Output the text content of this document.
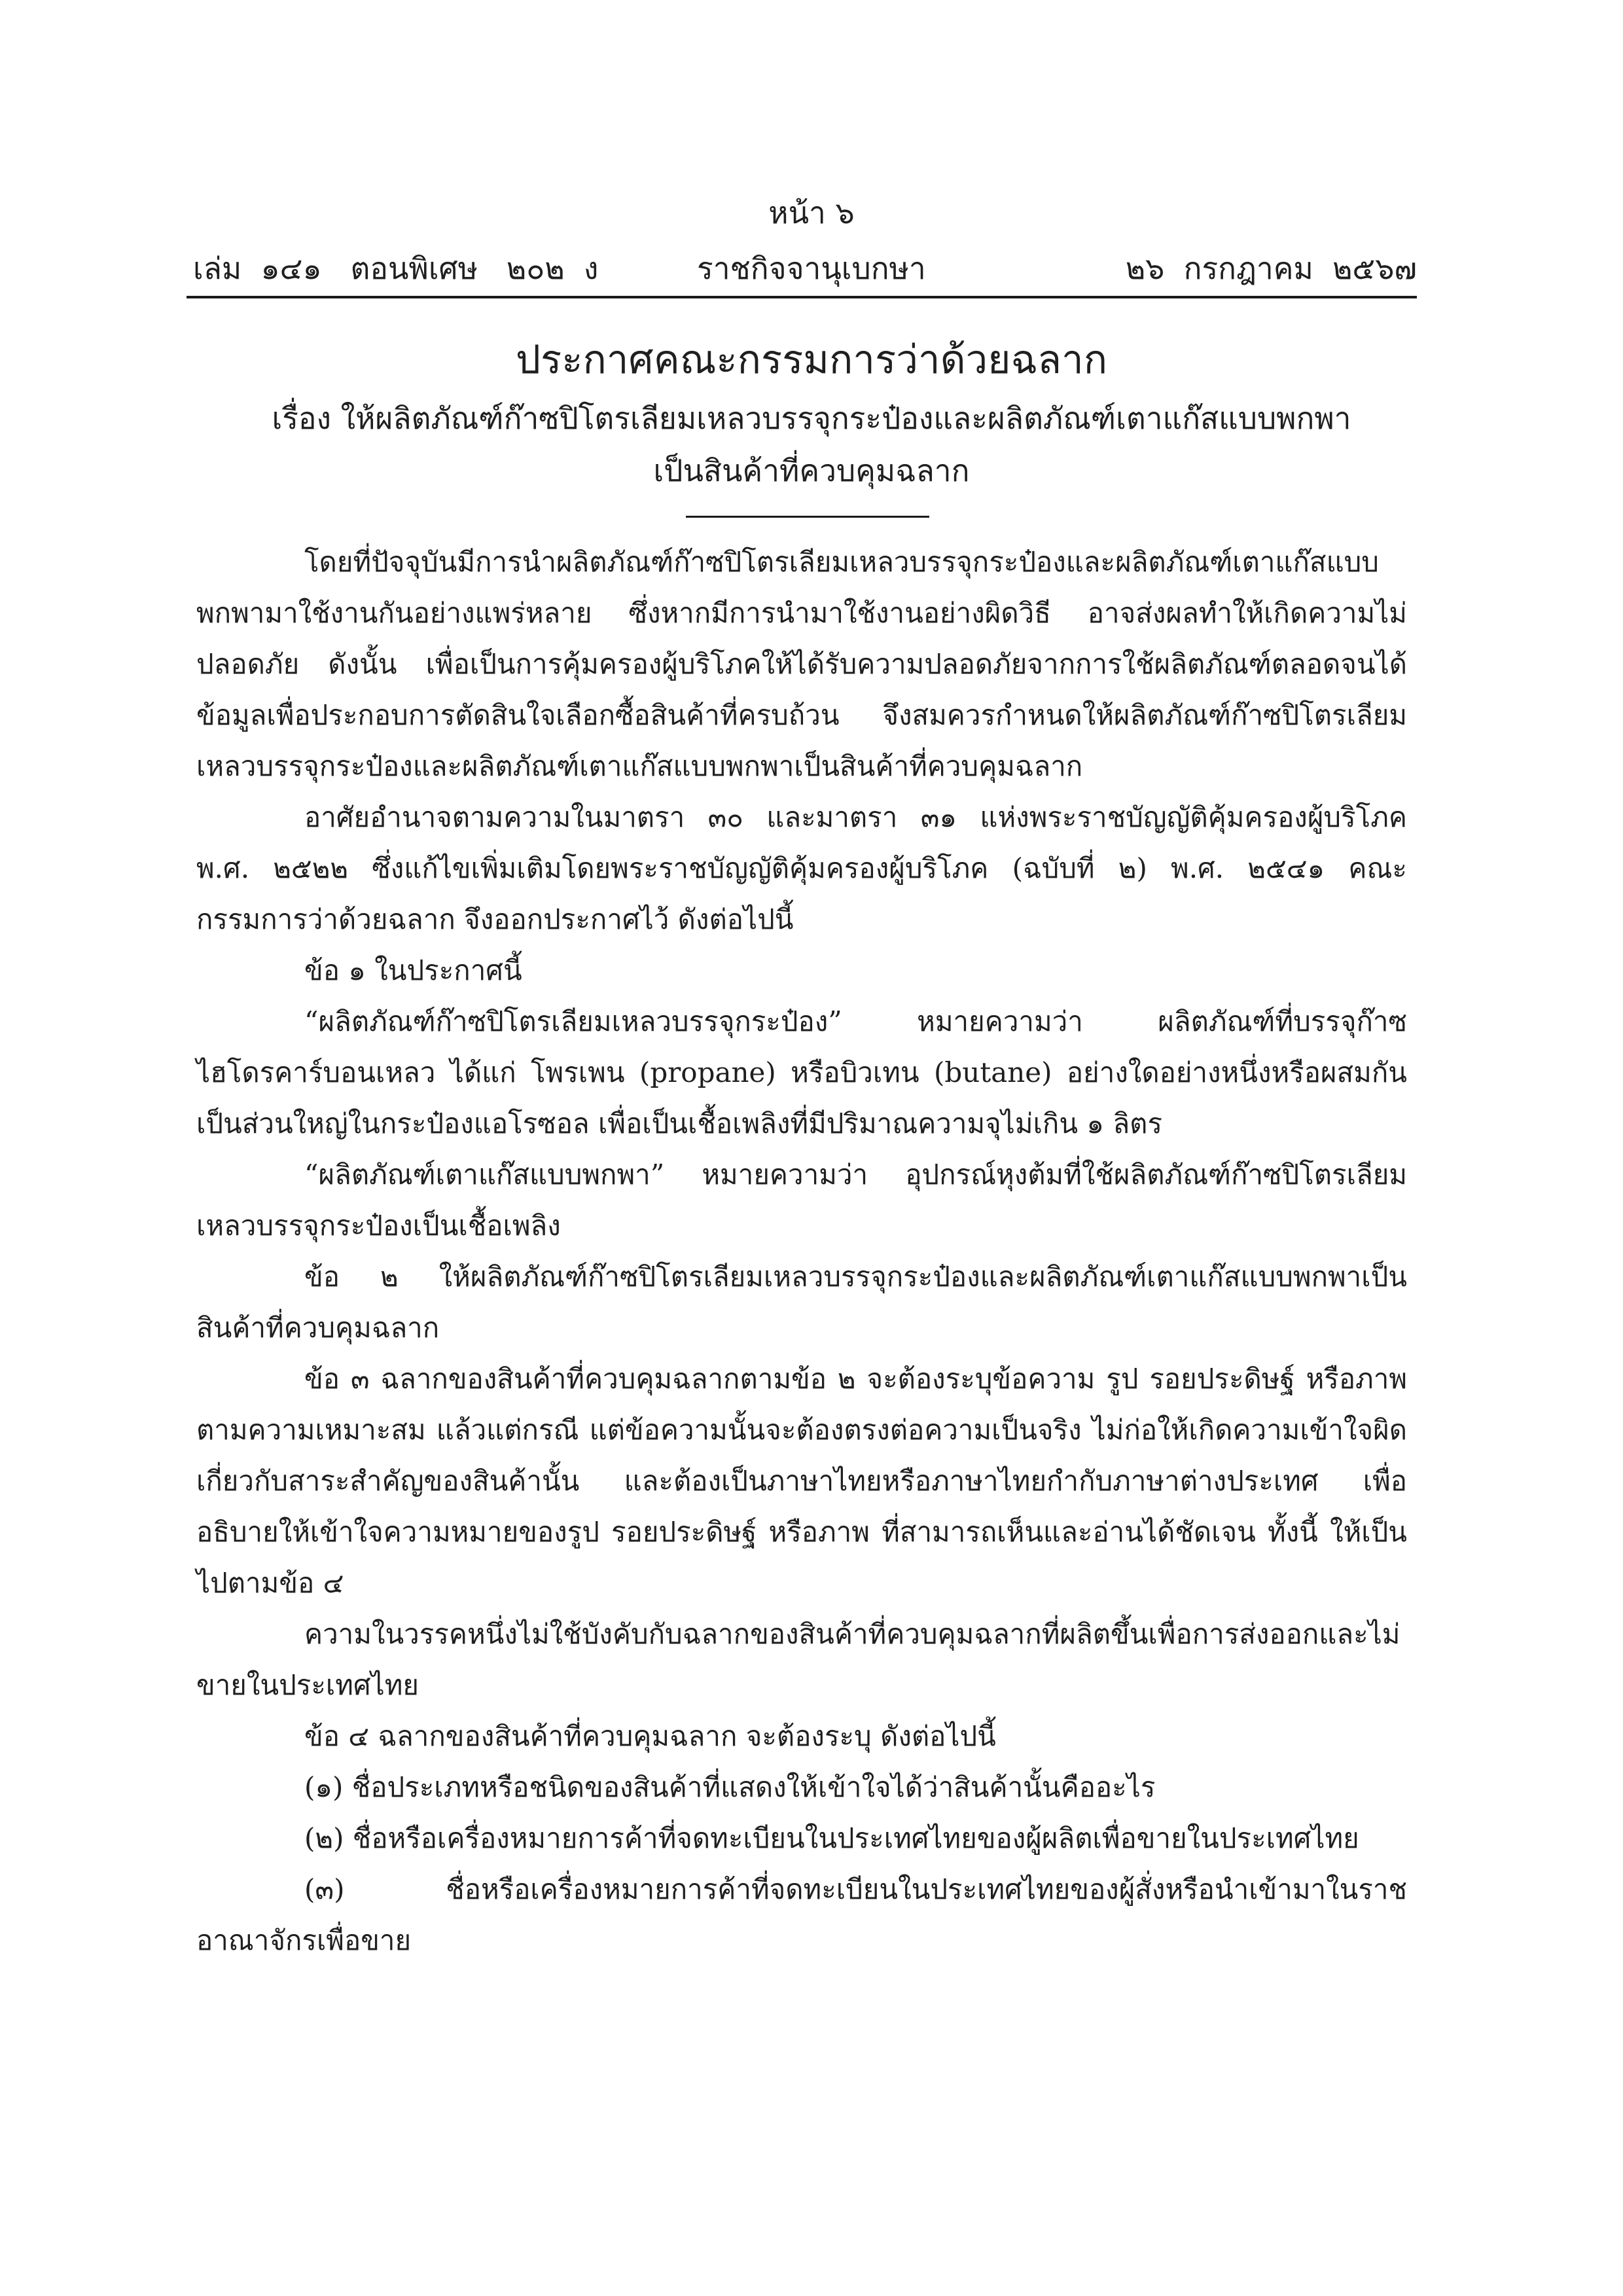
หน้า ๖
เล่ม  ๑๔๑   ตอนพิเศษ   ๒๐๒  ง	ราชกิจจานุเบกษา	๒๖  กรกฎาคม  ๒๕๖๗
ประกาศคณะกรรมการว่าด้วยฉลาก
เรื่อง ให้ผลิตภัณฑ์ก๊าซปิโตรเลียมเหลวบรรจุกระป๋องและผลิตภัณฑ์เตาแก๊สแบบพกพา
เป็นสินค้าที่ควบคุมฉลาก

โดยที่ปัจจุบันมีการนำผลิตภัณฑ์ก๊าซปิโตรเลียมเหลวบรรจุกระป๋องและผลิตภัณฑ์เตาแก๊สแบบพกพามาใช้งานกันอย่างแพร่หลาย ซึ่งหากมีการนำมาใช้งานอย่างผิดวิธี อาจส่งผลทำให้เกิดความไม่ปลอดภัย ดังนั้น เพื่อเป็นการคุ้มครองผู้บริโภคให้ได้รับความปลอดภัยจากการใช้ผลิตภัณฑ์ตลอดจนได้ข้อมูลเพื่อประกอบการตัดสินใจเลือกซื้อสินค้าที่ครบถ้วน จึงสมควรกำหนดให้ผลิตภัณฑ์ก๊าซปิโตรเลียมเหลวบรรจุกระป๋องและผลิตภัณฑ์เตาแก๊สแบบพกพาเป็นสินค้าที่ควบคุมฉลาก

อาศัยอำนาจตามความในมาตรา ๓๐ และมาตรา ๓๑ แห่งพระราชบัญญัติคุ้มครองผู้บริโภค พ.ศ. ๒๕๒๒ ซึ่งแก้ไขเพิ่มเติมโดยพระราชบัญญัติคุ้มครองผู้บริโภค (ฉบับที่ ๒) พ.ศ. ๒๕๔๑ คณะกรรมการว่าด้วยฉลาก จึงออกประกาศไว้ ดังต่อไปนี้

ข้อ ๑ ในประกาศนี้

“ผลิตภัณฑ์ก๊าซปิโตรเลียมเหลวบรรจุกระป๋อง” หมายความว่า ผลิตภัณฑ์ที่บรรจุก๊าซไฮโดรคาร์บอนเหลว ได้แก่ โพรเพน (propane) หรือบิวเทน (butane) อย่างใดอย่างหนึ่งหรือผสมกันเป็นส่วนใหญ่ในกระป๋องแอโรซอล เพื่อเป็นเชื้อเพลิงที่มีปริมาณความจุไม่เกิน ๑ ลิตร

“ผลิตภัณฑ์เตาแก๊สแบบพกพา” หมายความว่า อุปกรณ์หุงต้มที่ใช้ผลิตภัณฑ์ก๊าซปิโตรเลียมเหลวบรรจุกระป๋องเป็นเชื้อเพลิง

ข้อ ๒ ให้ผลิตภัณฑ์ก๊าซปิโตรเลียมเหลวบรรจุกระป๋องและผลิตภัณฑ์เตาแก๊สแบบพกพาเป็นสินค้าที่ควบคุมฉลาก

ข้อ ๓ ฉลากของสินค้าที่ควบคุมฉลากตามข้อ ๒ จะต้องระบุข้อความ รูป รอยประดิษฐ์ หรือภาพตามความเหมาะสม แล้วแต่กรณี แต่ข้อความนั้นจะต้องตรงต่อความเป็นจริง ไม่ก่อให้เกิดความเข้าใจผิดเกี่ยวกับสาระสำคัญของสินค้านั้น และต้องเป็นภาษาไทยหรือภาษาไทยกำกับภาษาต่างประเทศ เพื่ออธิบายให้เข้าใจความหมายของรูป รอยประดิษฐ์ หรือภาพ ที่สามารถเห็นและอ่านได้ชัดเจน ทั้งนี้ ให้เป็นไปตามข้อ ๔

ความในวรรคหนึ่งไม่ใช้บังคับกับฉลากของสินค้าที่ควบคุมฉลากที่ผลิตขึ้นเพื่อการส่งออกและไม่ขายในประเทศไทย

ข้อ ๔ ฉลากของสินค้าที่ควบคุมฉลาก จะต้องระบุ ดังต่อไปนี้

(๑) ชื่อประเภทหรือชนิดของสินค้าที่แสดงให้เข้าใจได้ว่าสินค้านั้นคืออะไร

(๒) ชื่อหรือเครื่องหมายการค้าที่จดทะเบียนในประเทศไทยของผู้ผลิตเพื่อขายในประเทศไทย

(๓) ชื่อหรือเครื่องหมายการค้าที่จดทะเบียนในประเทศไทยของผู้สั่งหรือนำเข้ามาในราชอาณาจักรเพื่อขาย
